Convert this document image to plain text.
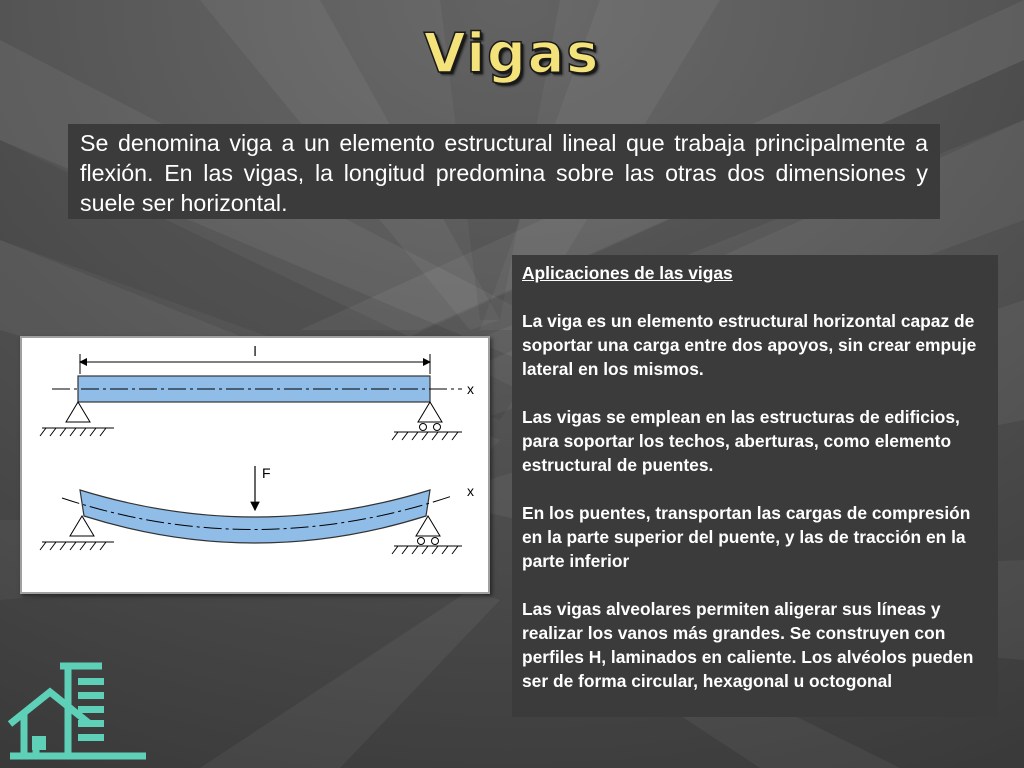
Vigas
Se denomina viga a un elemento estructural lineal que trabaja principalmente a flexión. En las vigas, la longitud predomina sobre las otras dos dimensiones y suele ser horizontal.
l
x
F
x

Aplicaciones de las vigas

La viga es un elemento estructural horizontal capaz de soportar una carga entre dos apoyos, sin crear empuje lateral en los mismos.

Las vigas se emplean en las estructuras de edificios, para soportar los techos, aberturas, como elemento estructural de puentes.

En los puentes, transportan las cargas de compresión en la parte superior del puente, y las de tracción en la parte inferior

Las vigas alveolares permiten aligerar sus líneas y realizar los vanos más grandes. Se construyen con perfiles H, laminados en caliente. Los alvéolos pueden ser de forma circular, hexagonal u octogonal
